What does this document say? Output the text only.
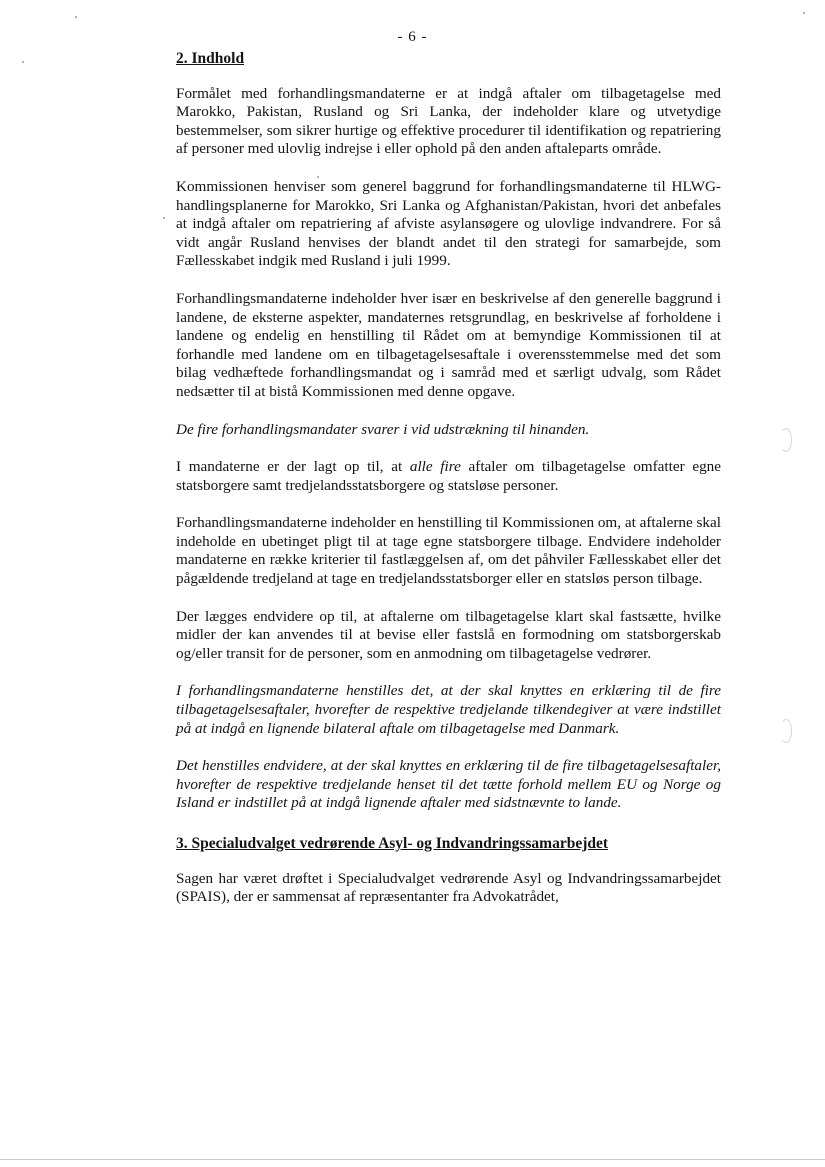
- 6 -
2. Indhold

Formålet med forhandlingsmandaterne er at indgå aftaler om tilbagetagelse med Marokko, Pakistan, Rusland og Sri Lanka, der indeholder klare og utvetydige bestemmelser, som sikrer hurtige og effektive procedurer til identifikation og repatriering af personer med ulovlig indrejse i eller ophold på den anden aftaleparts område.

Kommissionen henviser som generel baggrund for forhandlingsmandaterne til HLWG-handlingsplanerne for Marokko, Sri Lanka og Afghanistan/Pakistan, hvori det anbefales at indgå aftaler om repatriering af afviste asylansøgere og ulovlige indvandrere. For så vidt angår Rusland henvises der blandt andet til den strategi for samarbejde, som Fællesskabet indgik med Rusland i juli 1999.

Forhandlingsmandaterne indeholder hver især en beskrivelse af den generelle baggrund i landene, de eksterne aspekter, mandaternes retsgrundlag, en beskrivelse af forholdene i landene og endelig en henstilling til Rådet om at bemyndige Kommissionen til at forhandle med landene om en tilbagetagelsesaftale i overensstemmelse med det som bilag vedhæftede forhandlingsmandat og i samråd med et særligt udvalg, som Rådet nedsætter til at bistå Kommissionen med denne opgave.

De fire forhandlingsmandater svarer i vid udstrækning til hinanden.

I mandaterne er der lagt op til, at alle fire aftaler om tilbagetagelse omfatter egne statsborgere samt tredjelandsstatsborgere og statsløse personer.

Forhandlingsmandaterne indeholder en henstilling til Kommissionen om, at aftalerne skal indeholde en ubetinget pligt til at tage egne statsborgere tilbage. Endvidere indeholder mandaterne en række kriterier til fastlæggelsen af, om det påhviler Fællesskabet eller det pågældende tredjeland at tage en tredjelandsstatsborger eller en statsløs person tilbage.

Der lægges endvidere op til, at aftalerne om tilbagetagelse klart skal fastsætte, hvilke midler der kan anvendes til at bevise eller fastslå en formodning om statsborgerskab og/eller transit for de personer, som en anmodning om tilbagetagelse vedrører.

I forhandlingsmandaterne henstilles det, at der skal knyttes en erklæring til de fire tilbagetagelsesaftaler, hvorefter de respektive tredjelande tilkendegiver at være indstillet på at indgå en lignende bilateral aftale om tilbagetagelse med Danmark.

Det henstilles endvidere, at der skal knyttes en erklæring til de fire tilbagetagelsesaftaler, hvorefter de respektive tredjelande henset til det tætte forhold mellem EU og Norge og Island er indstillet på at indgå lignende aftaler med sidstnævnte to lande.

3. Specialudvalget vedrørende Asyl- og Indvandringssamarbejdet

Sagen har været drøftet i Specialudvalget vedrørende Asyl og Indvandringssamarbejdet (SPAIS), der er sammensat af repræsentanter fra Advokatrådet,
